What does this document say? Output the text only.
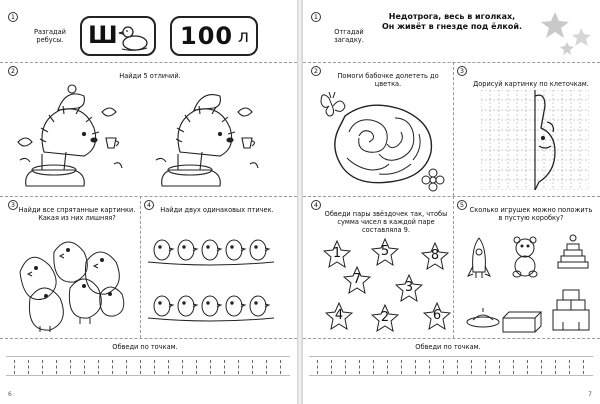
1
Разгадай ребусы.	Ш	100 л
2
Найди 5 отличий.
3
Найди все спрятанные картинки. Какая из них лишняя?
4
Найди двух одинаковых птичек.
Обведи по точкам.
6
1
Отгадай загадку.
Недотрога, весь в иголках,
Он живёт в гнезде под ёлкой.
2
Помоги бабочке долететь до цветка.
3
Дорисуй картинку по клеточкам.
4
Обведи пары звёздочек так, чтобы сумма чисел в каждой паре составляла 9.
1	5	8
7
3
4	2	6
5
Сколько игрушек можно положить в пустую коробку?
Обведи по точкам.
7
